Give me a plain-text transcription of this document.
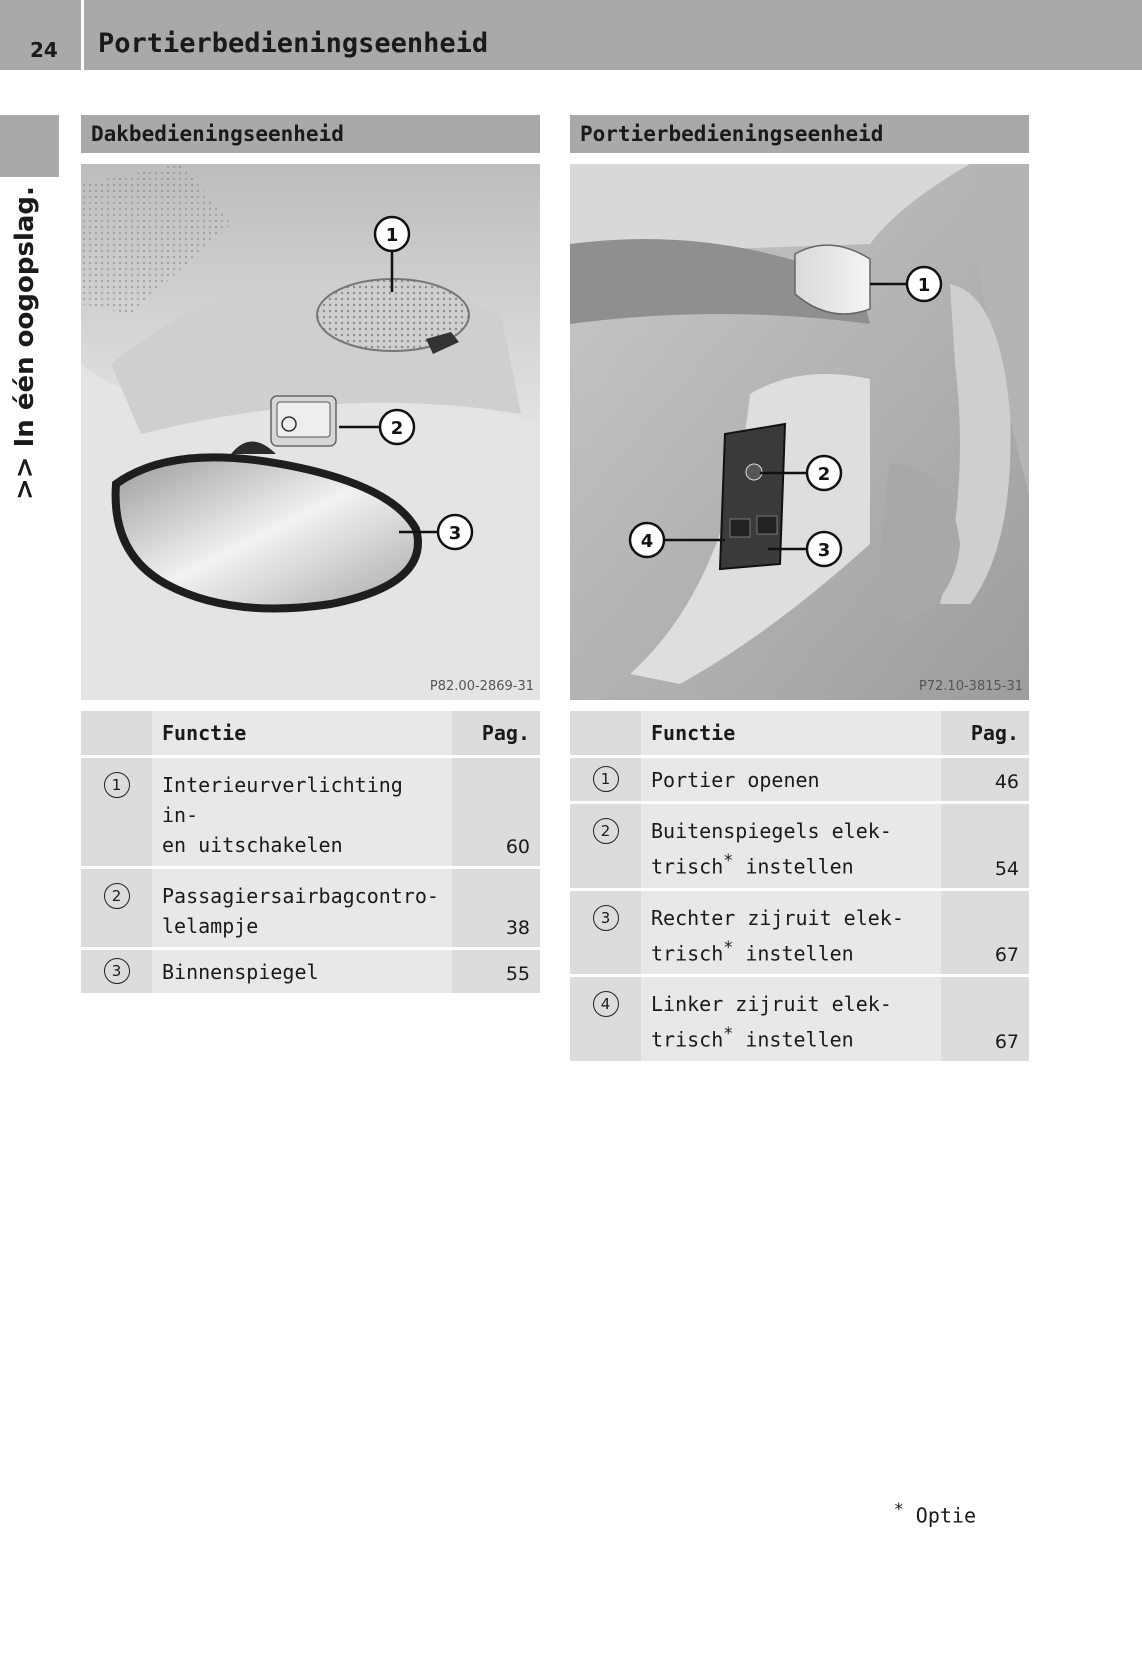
24 Portierbedieningseenheid
>> In één oogopslag.
Dakbedieningseenheid
1
2
3
P82.00-2869-31
	Functie	Pag.
1	Interieurverlichting in-
en uitschakelen	60
2	Passagiersairbagcontro-
lelampje	38
3	Binnenspiegel	55
Portierbedieningseenheid
1
2
3
4
P72.10-3815-31
	Functie	Pag.
1	Portier openen	46
2	Buitenspiegels elek-
trisch* instellen	54
3	Rechter zijruit elek-
trisch* instellen	67
4	Linker zijruit elek-
trisch* instellen	67
* Optie
